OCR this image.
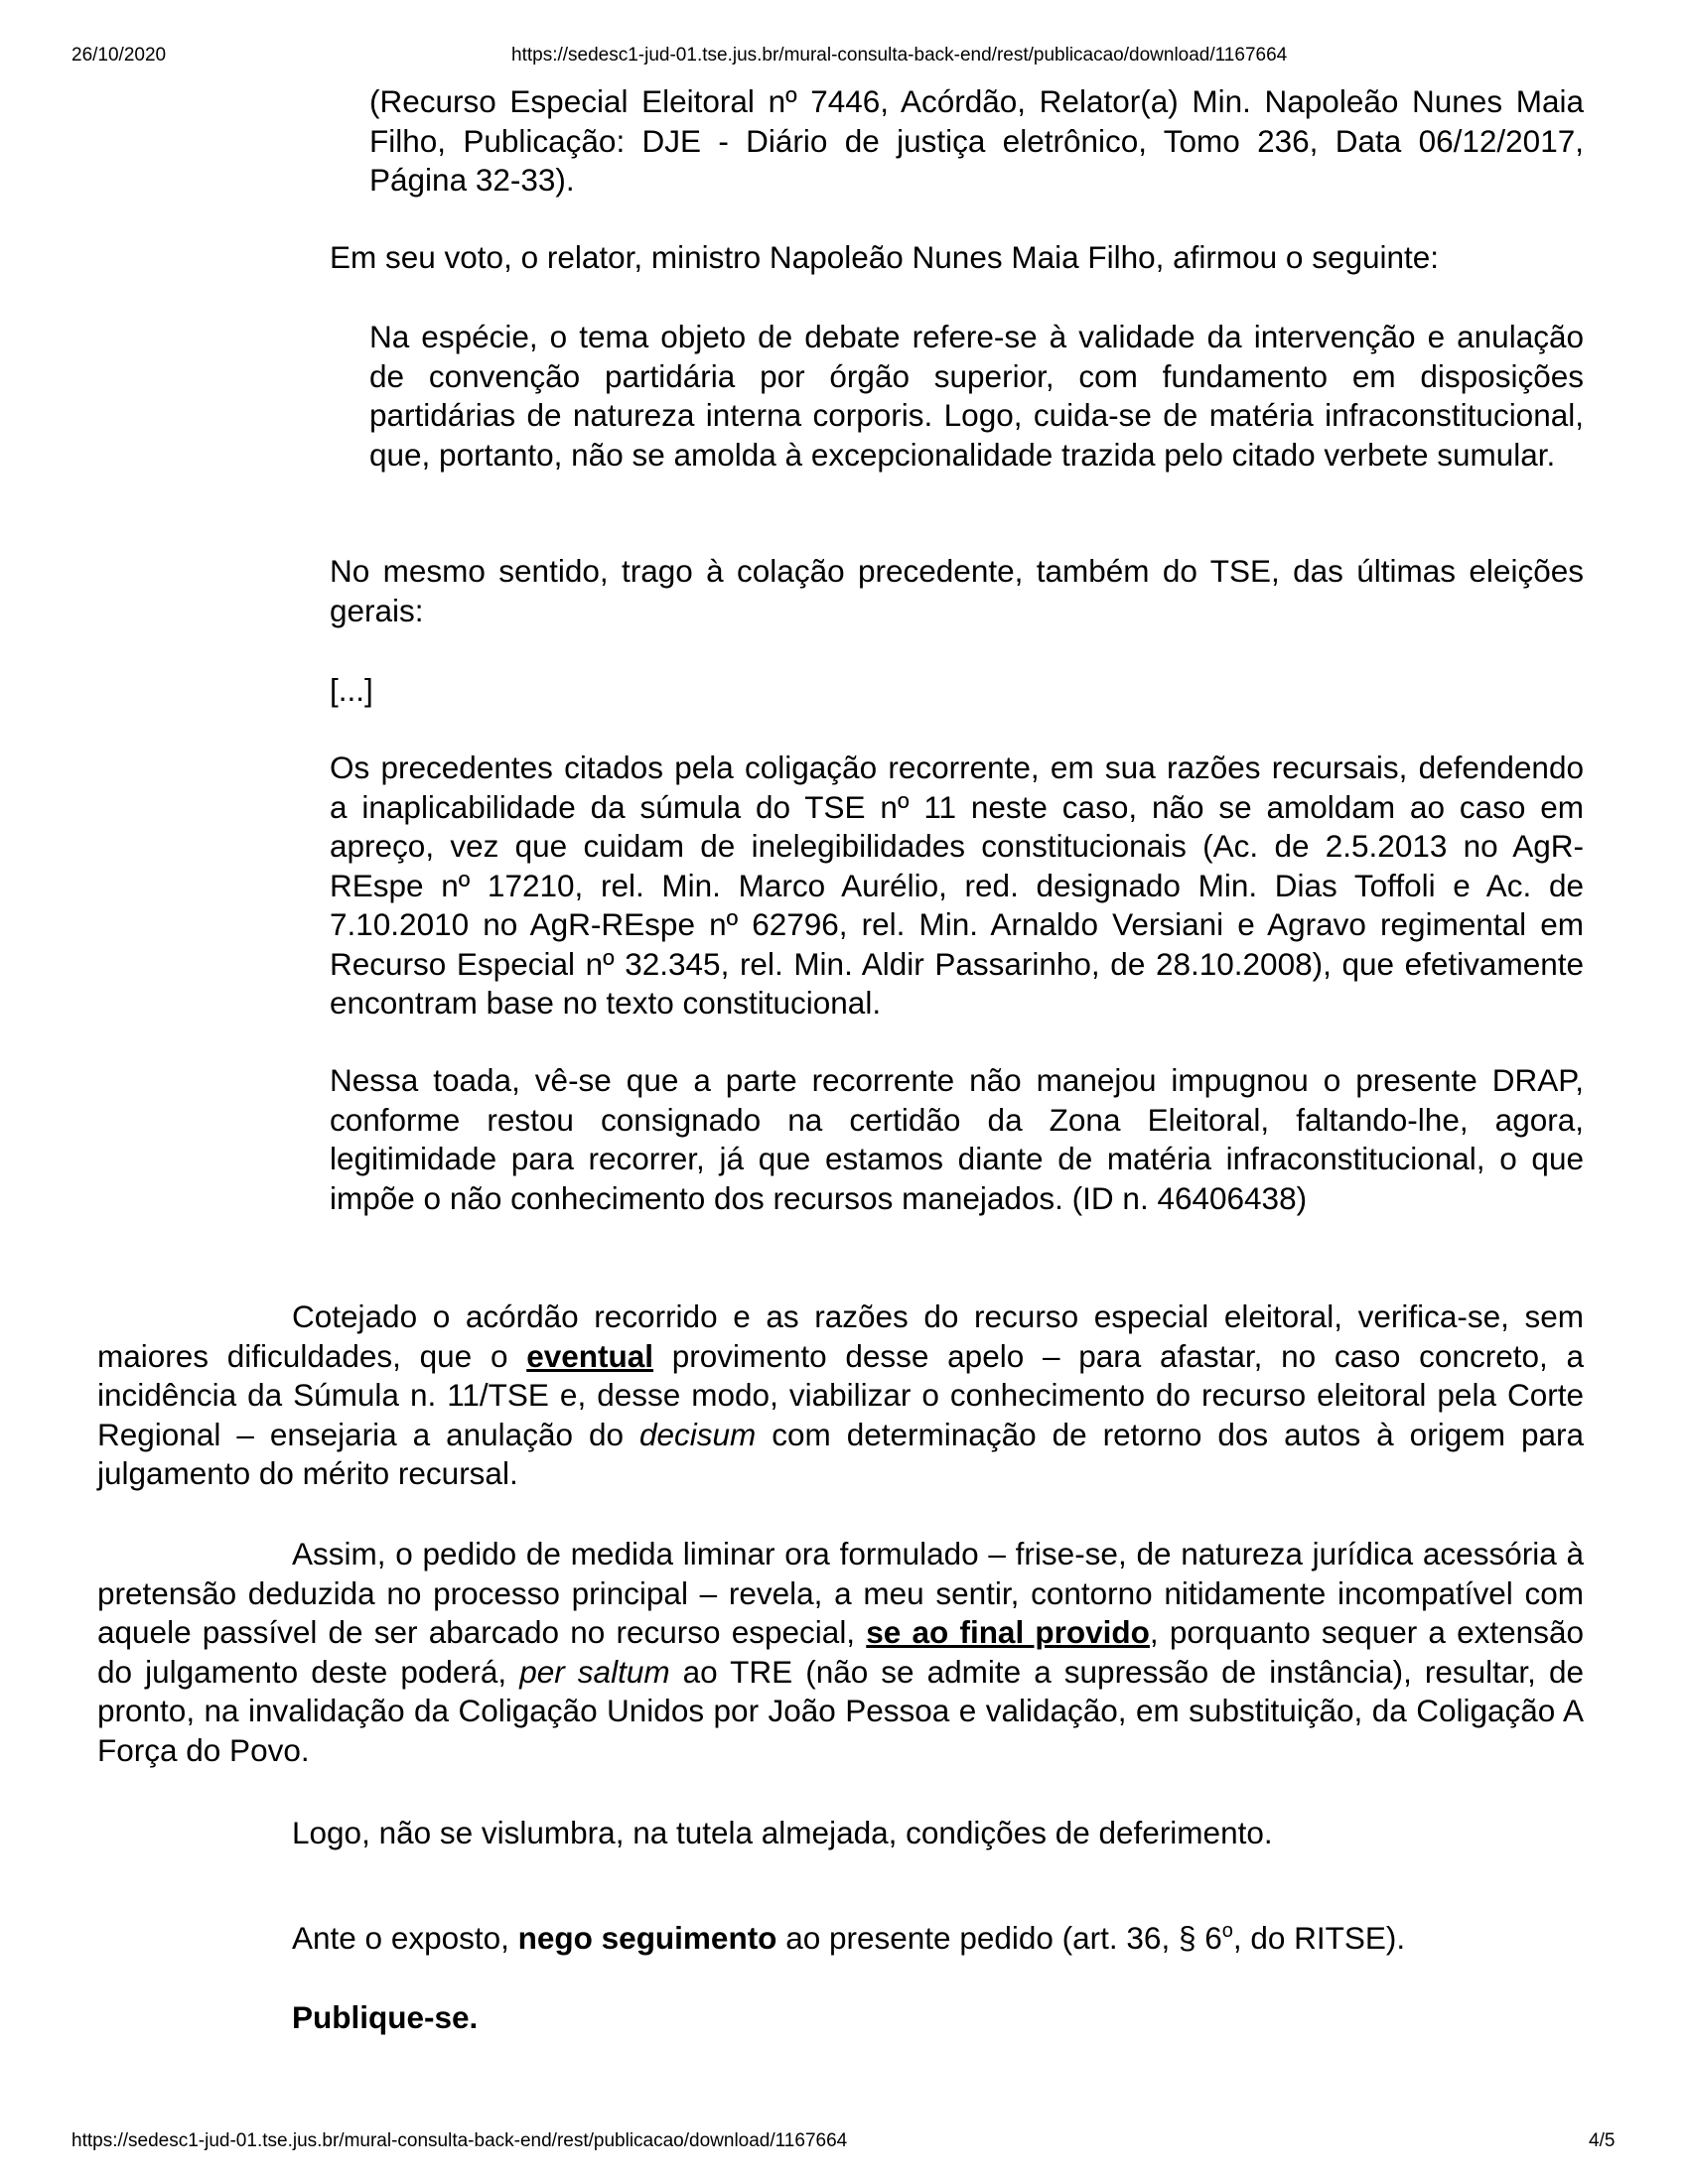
26/10/2020	https://sedesc1-jud-01.tse.jus.br/mural-consulta-back-end/rest/publicacao/download/1167664

(Recurso Especial Eleitoral nº 7446, Acórdão, Relator(a) Min. Napoleão Nunes Maia Filho, Publicação: DJE - Diário de justiça eletrônico, Tomo 236, Data 06/12/2017, Página 32-33).

Em seu voto, o relator, ministro Napoleão Nunes Maia Filho, afirmou o seguinte:

Na espécie, o tema objeto de debate refere-se à validade da intervenção e anulação de convenção partidária por órgão superior, com fundamento em disposições partidárias de natureza interna corporis. Logo, cuida-se de matéria infraconstitucional, que, portanto, não se amolda à excepcionalidade trazida pelo citado verbete sumular.

No mesmo sentido, trago à colação precedente, também do TSE, das últimas eleições gerais:

[...]

Os precedentes citados pela coligação recorrente, em sua razões recursais, defendendo a inaplicabilidade da súmula do TSE nº 11 neste caso, não se amoldam ao caso em apreço, vez que cuidam de inelegibilidades constitucionais (Ac. de 2.5.2013 no AgR-REspe nº 17210, rel. Min. Marco Aurélio, red. designado Min. Dias Toffoli e Ac. de 7.10.2010 no AgR-REspe nº 62796, rel. Min. Arnaldo Versiani e Agravo regimental em Recurso Especial nº 32.345, rel. Min. Aldir Passarinho, de 28.10.2008), que efetivamente encontram base no texto constitucional.

Nessa toada, vê-se que a parte recorrente não manejou impugnou o presente DRAP, conforme restou consignado na certidão da Zona Eleitoral, faltando-lhe, agora, legitimidade para recorrer, já que estamos diante de matéria infraconstitucional, o que impõe o não conhecimento dos recursos manejados. (ID n. 46406438)

Cotejado o acórdão recorrido e as razões do recurso especial eleitoral, verifica-se, sem maiores dificuldades, que o eventual provimento desse apelo – para afastar, no caso concreto, a incidência da Súmula n. 11/TSE e, desse modo, viabilizar o conhecimento do recurso eleitoral pela Corte Regional – ensejaria a anulação do decisum com determinação de retorno dos autos à origem para julgamento do mérito recursal.

Assim, o pedido de medida liminar ora formulado – frise-se, de natureza jurídica acessória à pretensão deduzida no processo principal – revela, a meu sentir, contorno nitidamente incompatível com aquele passível de ser abarcado no recurso especial, se ao final provido, porquanto sequer a extensão do julgamento deste poderá, per saltum ao TRE (não se admite a supressão de instância), resultar, de pronto, na invalidação da Coligação Unidos por João Pessoa e validação, em substituição, da Coligação A Força do Povo.

Logo, não se vislumbra, na tutela almejada, condições de deferimento.

Ante o exposto, nego seguimento ao presente pedido (art. 36, § 6$^o$, do RITSE).

Publique-se.

https://sedesc1-jud-01.tse.jus.br/mural-consulta-back-end/rest/publicacao/download/1167664	4/5
